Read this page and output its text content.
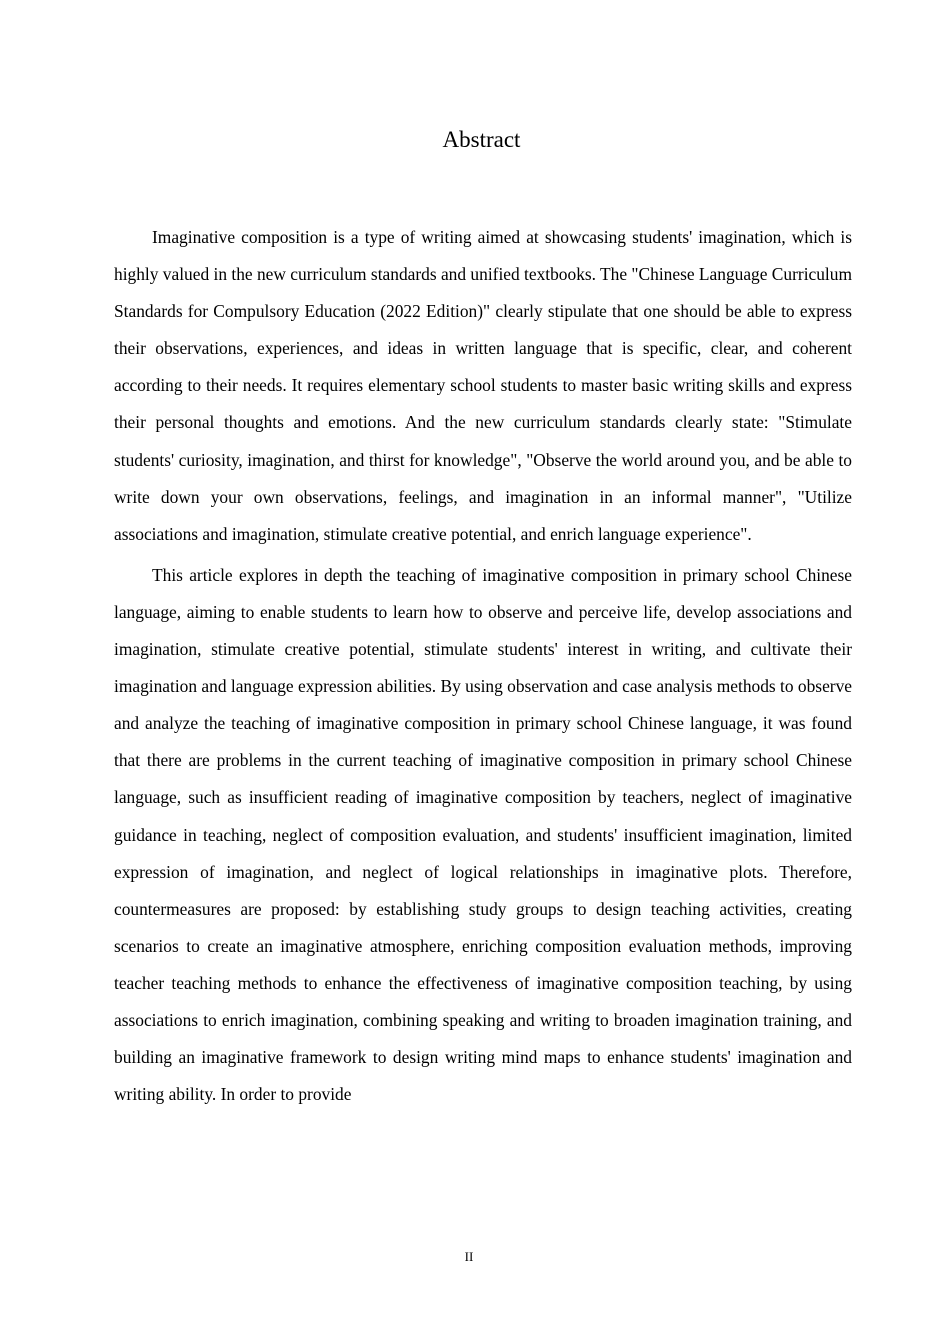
Abstract

Imaginative composition is a type of writing aimed at showcasing students' imagination, which is highly valued in the new curriculum standards and unified textbooks. The "Chinese Language Curriculum Standards for Compulsory Education (2022 Edition)" clearly stipulate that one should be able to express their observations, experiences, and ideas in written language that is specific, clear, and coherent according to their needs. It requires elementary school students to master basic writing skills and express their personal thoughts and emotions. And the new curriculum standards clearly state: "Stimulate students' curiosity, imagination, and thirst for knowledge", "Observe the world around you, and be able to write down your own observations, feelings, and imagination in an informal manner", "Utilize associations and imagination, stimulate creative potential, and enrich language experience".

This article explores in depth the teaching of imaginative composition in primary school Chinese language, aiming to enable students to learn how to observe and perceive life, develop associations and imagination, stimulate creative potential, stimulate students' interest in writing, and cultivate their imagination and language expression abilities. By using observation and case analysis methods to observe and analyze the teaching of imaginative composition in primary school Chinese language, it was found that there are problems in the current teaching of imaginative composition in primary school Chinese language, such as insufficient reading of imaginative composition by teachers, neglect of imaginative guidance in teaching, neglect of composition evaluation, and students' insufficient imagination, limited expression of imagination, and neglect of logical relationships in imaginative plots. Therefore, countermeasures are proposed: by establishing study groups to design teaching activities, creating scenarios to create an imaginative atmosphere, enriching composition evaluation methods, improving teacher teaching methods to enhance the effectiveness of imaginative composition teaching, by using associations to enrich imagination, combining speaking and writing to broaden imagination training, and building an imaginative framework to design writing mind maps to enhance students' imagination and writing ability. In order to provide

II
